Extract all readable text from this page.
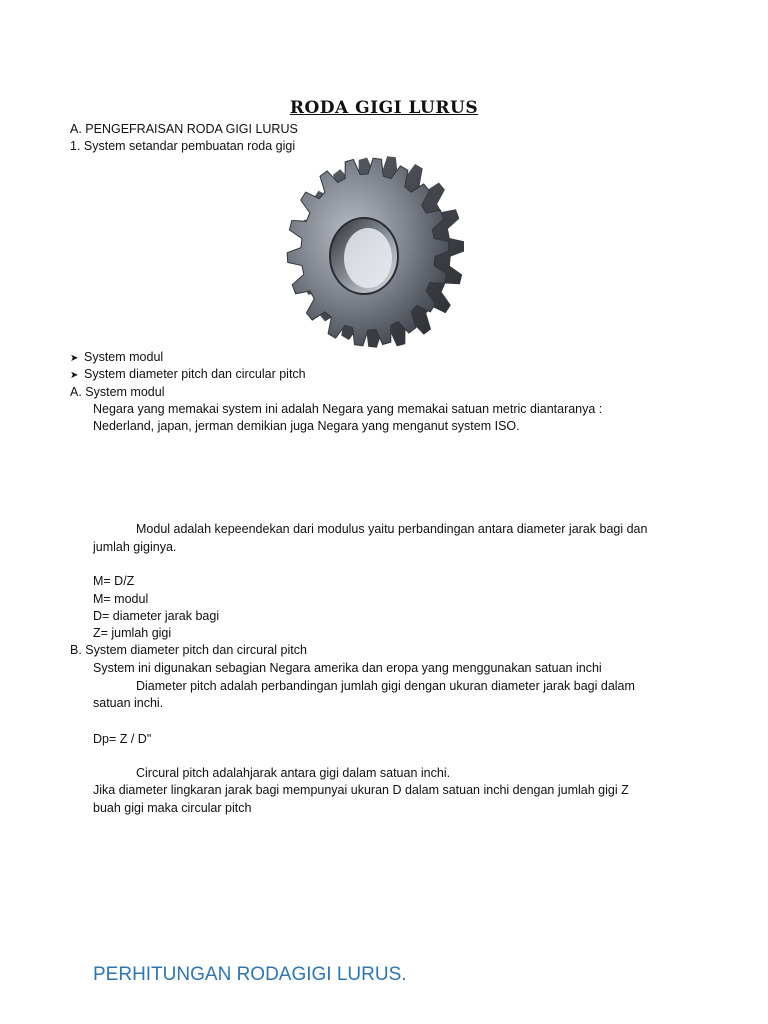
RODA GIGI LURUS
A. PENGEFRAISAN RODA GIGI LURUS
1. System setandar pembuatan roda gigi
➤ System modul
➤ System diameter pitch dan circular pitch
A. System modul
Negara yang memakai system ini adalah Negara yang memakai satuan metric diantaranya :
Nederland, japan, jerman demikian juga Negara yang menganut system ISO.
Modul adalah kepeendekan dari modulus yaitu perbandingan antara diameter jarak bagi dan
jumlah giginya.
M= D/Z
M= modul
D= diameter jarak bagi
Z= jumlah gigi
B. System diameter pitch dan circural pitch
System ini digunakan sebagian Negara amerika dan eropa yang menggunakan satuan inchi
Diameter pitch adalah perbandingan jumlah gigi dengan ukuran diameter jarak bagi dalam
satuan inchi.
Dp= Z / D"
Circural pitch adalahjarak antara gigi dalam satuan inchi.
Jika diameter lingkaran jarak bagi mempunyai ukuran D dalam satuan inchi dengan jumlah gigi Z
buah gigi maka circular pitch
PERHITUNGAN RODAGIGI LURUS.
